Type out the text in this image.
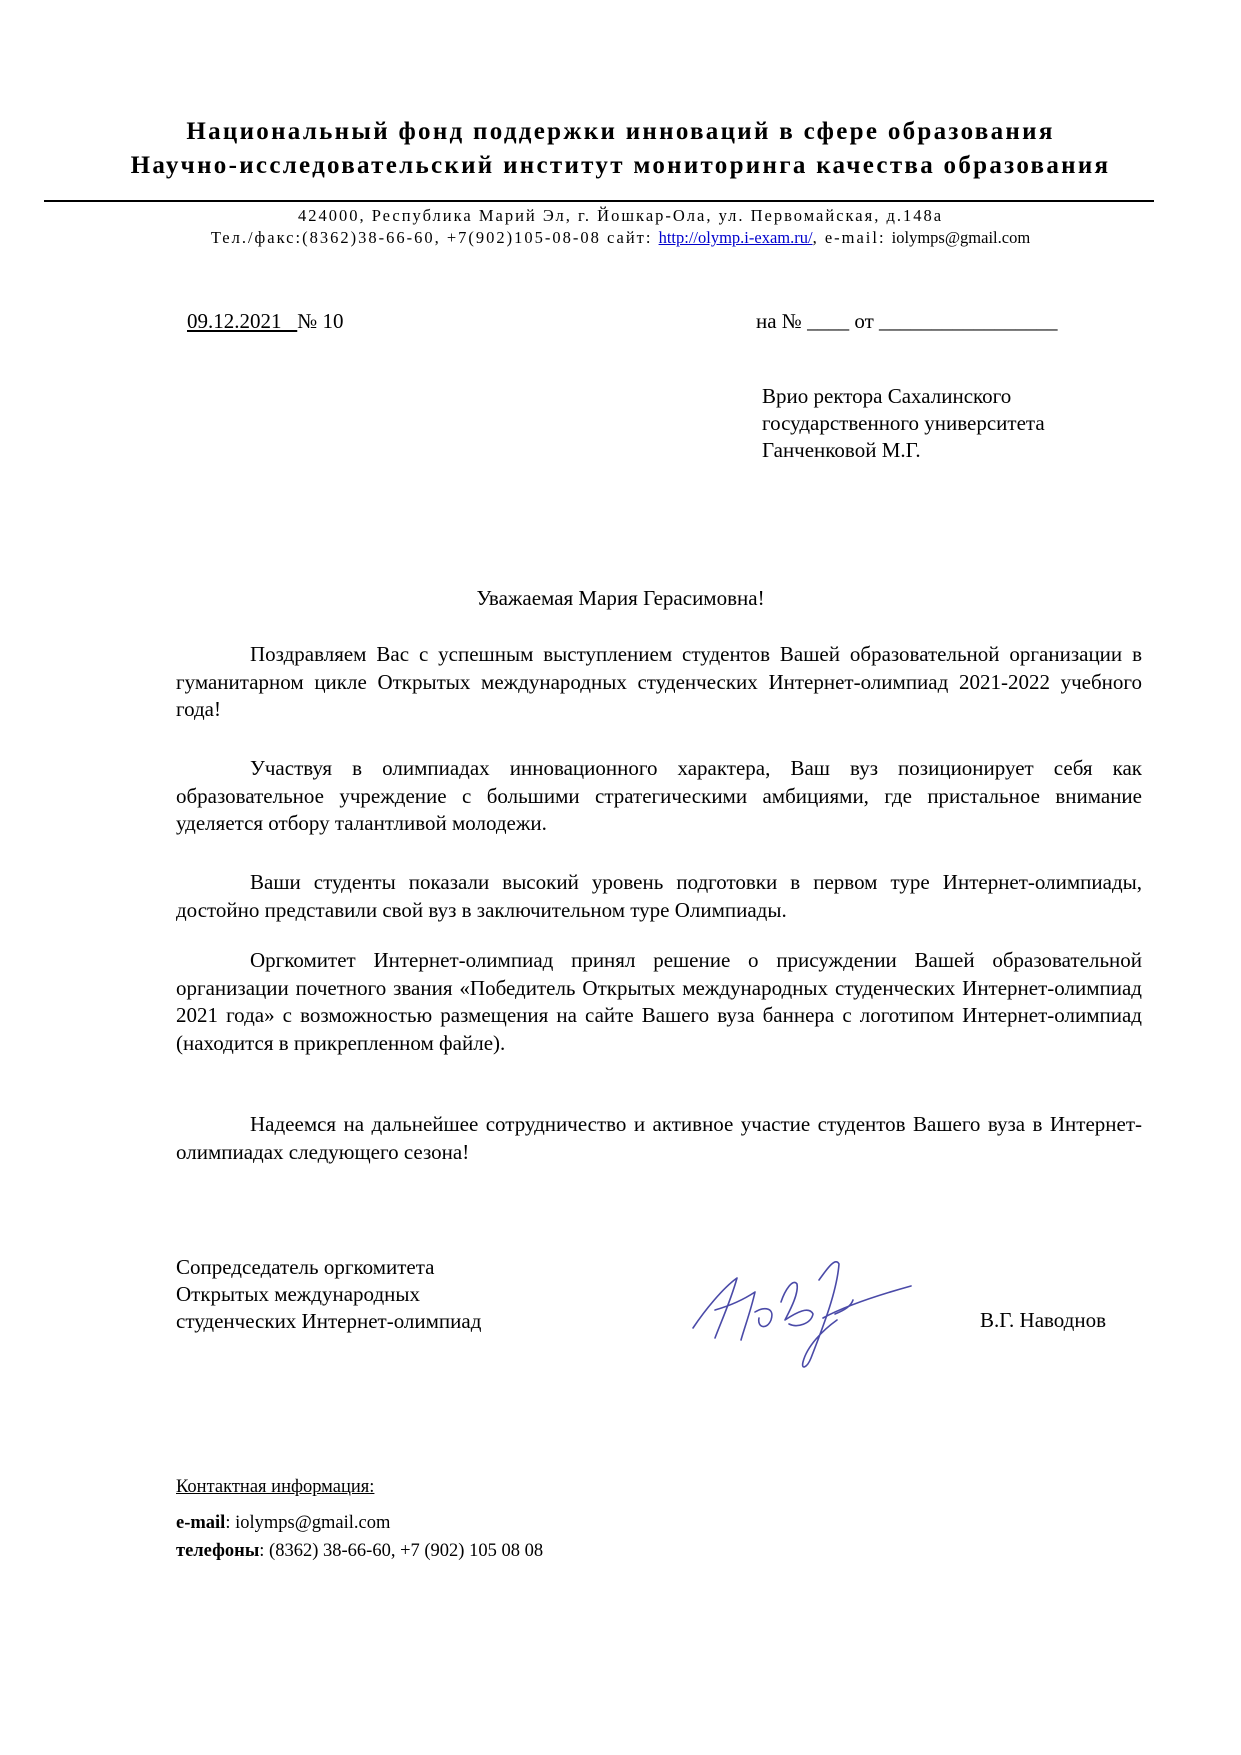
Национальный фонд поддержки инноваций в сфере образования
Научно-исследовательский институт мониторинга качества образования
424000, Республика Марий Эл, г. Йошкар-Ола, ул. Первомайская, д.148а
Тел./факс:(8362)38-66-60, +7(902)105-08-08 сайт: http://olymp.i-exam.ru/, e-mail: iolymps@gmail.com
09.12.2021 № 10	на № ____ от _________________
Врио ректора Сахалинского
государственного университета
Ганченковой М.Г.
Уважаемая Мария Герасимовна!

Поздравляем Вас с успешным выступлением студентов Вашей образовательной организации в гуманитарном цикле Открытых международных студенческих Интернет-олимпиад 2021-2022 учебного года!

Участвуя в олимпиадах инновационного характера, Ваш вуз позиционирует себя как образовательное учреждение с большими стратегическими амбициями, где пристальное внимание уделяется отбору талантливой молодежи.

Ваши студенты показали высокий уровень подготовки в первом туре Интернет-олимпиады, достойно представили свой вуз в заключительном туре Олимпиады.

Оргкомитет Интернет-олимпиад принял решение о присуждении Вашей образовательной организации почетного звания «Победитель Открытых международных студенческих Интернет-олимпиад 2021 года» с возможностью размещения на сайте Вашего вуза баннера с логотипом Интернет-олимпиад (находится в прикрепленном файле).

Надеемся на дальнейшее сотрудничество и активное участие студентов Вашего вуза в Интернет-олимпиадах следующего сезона!

Сопредседатель оргкомитета
Открытых международных
студенческих Интернет-олимпиад	В.Г. Наводнов
Контактная информация:
e-mail: iolymps@gmail.com
телефоны: (8362) 38-66-60, +7 (902) 105 08 08
